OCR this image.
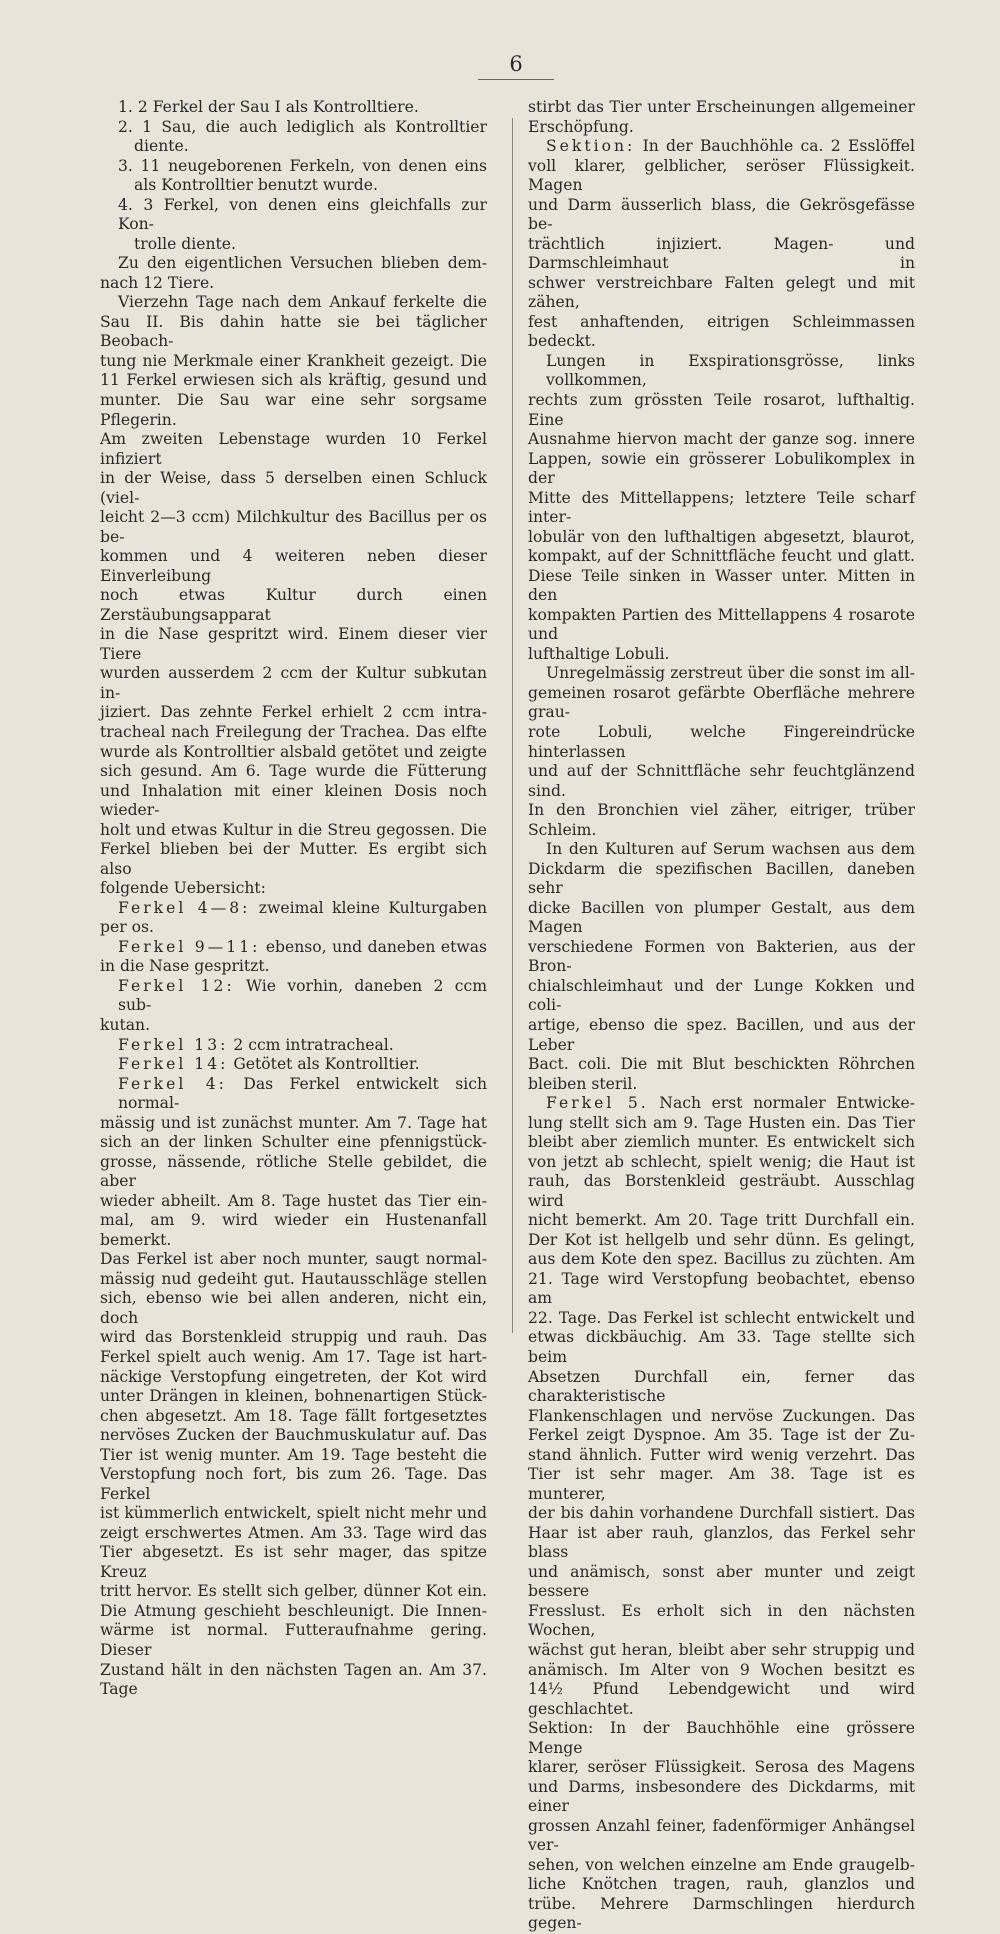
6
1. 2 Ferkel der Sau I als Kontrolltiere.
2. 1 Sau, die auch lediglich als Kontrolltier
diente.
3. 11 neugeborenen Ferkeln, von denen eins
als Kontrolltier benutzt wurde.
4. 3 Ferkel, von denen eins gleichfalls zur Kon-
trolle diente.
Zu den eigentlichen Versuchen blieben dem-
nach 12 Tiere.
Vierzehn Tage nach dem Ankauf ferkelte die
Sau II. Bis dahin hatte sie bei täglicher Beobach-
tung nie Merkmale einer Krankheit gezeigt. Die
11 Ferkel erwiesen sich als kräftig, gesund und
munter. Die Sau war eine sehr sorgsame Pflegerin.
Am zweiten Lebenstage wurden 10 Ferkel infiziert
in der Weise, dass 5 derselben einen Schluck (viel-
leicht 2—3 ccm) Milchkultur des Bacillus per os be-
kommen und 4 weiteren neben dieser Einverleibung
noch etwas Kultur durch einen Zerstäubungsapparat
in die Nase gespritzt wird. Einem dieser vier Tiere
wurden ausserdem 2 ccm der Kultur subkutan in-
jiziert. Das zehnte Ferkel erhielt 2 ccm intra-
tracheal nach Freilegung der Trachea. Das elfte
wurde als Kontrolltier alsbald getötet und zeigte
sich gesund. Am 6. Tage wurde die Fütterung
und Inhalation mit einer kleinen Dosis noch wieder-
holt und etwas Kultur in die Streu gegossen. Die
Ferkel blieben bei der Mutter. Es ergibt sich also
folgende Uebersicht:
Ferkel 4—8: zweimal kleine Kulturgaben
per os.
Ferkel 9—11: ebenso, und daneben etwas
in die Nase gespritzt.
Ferkel 12: Wie vorhin, daneben 2 ccm sub-
kutan.
Ferkel 13: 2 ccm intratracheal.
Ferkel 14: Getötet als Kontrolltier.
Ferkel 4: Das Ferkel entwickelt sich normal-
mässig und ist zunächst munter. Am 7. Tage hat
sich an der linken Schulter eine pfennigstück-
grosse, nässende, rötliche Stelle gebildet, die aber
wieder abheilt. Am 8. Tage hustet das Tier ein-
mal, am 9. wird wieder ein Hustenanfall bemerkt.
Das Ferkel ist aber noch munter, saugt normal-
mässig nud gedeiht gut. Hautausschläge stellen
sich, ebenso wie bei allen anderen, nicht ein, doch
wird das Borstenkleid struppig und rauh. Das
Ferkel spielt auch wenig. Am 17. Tage ist hart-
näckige Verstopfung eingetreten, der Kot wird
unter Drängen in kleinen, bohnenartigen Stück-
chen abgesetzt. Am 18. Tage fällt fortgesetztes
nervöses Zucken der Bauchmuskulatur auf. Das
Tier ist wenig munter. Am 19. Tage besteht die
Verstopfung noch fort, bis zum 26. Tage. Das Ferkel
ist kümmerlich entwickelt, spielt nicht mehr und
zeigt erschwertes Atmen. Am 33. Tage wird das
Tier abgesetzt. Es ist sehr mager, das spitze Kreuz
tritt hervor. Es stellt sich gelber, dünner Kot ein.
Die Atmung geschieht beschleunigt. Die Innen-
wärme ist normal. Futteraufnahme gering. Dieser
Zustand hält in den nächsten Tagen an. Am 37. Tage
stirbt das Tier unter Erscheinungen allgemeiner
Erschöpfung.
Sektion: In der Bauchhöhle ca. 2 Esslöffel
voll klarer, gelblicher, seröser Flüssigkeit. Magen
und Darm äusserlich blass, die Gekrösgefässe be-
trächtlich injiziert. Magen- und Darmschleimhaut in
schwer verstreichbare Falten gelegt und mit zähen,
fest anhaftenden, eitrigen Schleimmassen bedeckt.
Lungen in Exspirationsgrösse, links vollkommen,
rechts zum grössten Teile rosarot, lufthaltig. Eine
Ausnahme hiervon macht der ganze sog. innere
Lappen, sowie ein grösserer Lobulikomplex in der
Mitte des Mittellappens; letztere Teile scharf inter-
lobulär von den lufthaltigen abgesetzt, blaurot,
kompakt, auf der Schnittfläche feucht und glatt.
Diese Teile sinken in Wasser unter. Mitten in den
kompakten Partien des Mittellappens 4 rosarote und
lufthaltige Lobuli.
Unregelmässig zerstreut über die sonst im all-
gemeinen rosarot gefärbte Oberfläche mehrere grau-
rote Lobuli, welche Fingereindrücke hinterlassen
und auf der Schnittfläche sehr feuchtglänzend sind.
In den Bronchien viel zäher, eitriger, trüber Schleim.
In den Kulturen auf Serum wachsen aus dem
Dickdarm die spezifischen Bacillen, daneben sehr
dicke Bacillen von plumper Gestalt, aus dem Magen
verschiedene Formen von Bakterien, aus der Bron-
chialschleimhaut und der Lunge Kokken und coli-
artige, ebenso die spez. Bacillen, und aus der Leber
Bact. coli. Die mit Blut beschickten Röhrchen
bleiben steril.
Ferkel 5. Nach erst normaler Entwicke-
lung stellt sich am 9. Tage Husten ein. Das Tier
bleibt aber ziemlich munter. Es entwickelt sich
von jetzt ab schlecht, spielt wenig; die Haut ist
rauh, das Borstenkleid gesträubt. Ausschlag wird
nicht bemerkt. Am 20. Tage tritt Durchfall ein.
Der Kot ist hellgelb und sehr dünn. Es gelingt,
aus dem Kote den spez. Bacillus zu züchten. Am
21. Tage wird Verstopfung beobachtet, ebenso am
22. Tage. Das Ferkel ist schlecht entwickelt und
etwas dickbäuchig. Am 33. Tage stellte sich beim
Absetzen Durchfall ein, ferner das charakteristische
Flankenschlagen und nervöse Zuckungen. Das
Ferkel zeigt Dyspnoe. Am 35. Tage ist der Zu-
stand ähnlich. Futter wird wenig verzehrt. Das
Tier ist sehr mager. Am 38. Tage ist es munterer,
der bis dahin vorhandene Durchfall sistiert. Das
Haar ist aber rauh, glanzlos, das Ferkel sehr blass
und anämisch, sonst aber munter und zeigt bessere
Fresslust. Es erholt sich in den nächsten Wochen,
wächst gut heran, bleibt aber sehr struppig und
anämisch. Im Alter von 9 Wochen besitzt es
14½ Pfund Lebendgewicht und wird geschlachtet.
Sektion: In der Bauchhöhle eine grössere Menge
klarer, seröser Flüssigkeit. Serosa des Magens
und Darms, insbesondere des Dickdarms, mit einer
grossen Anzahl feiner, fadenförmiger Anhängsel ver-
sehen, von welchen einzelne am Ende graugelb-
liche Knötchen tragen, rauh, glanzlos und
trübe. Mehrere Darmschlingen hierdurch gegen-
